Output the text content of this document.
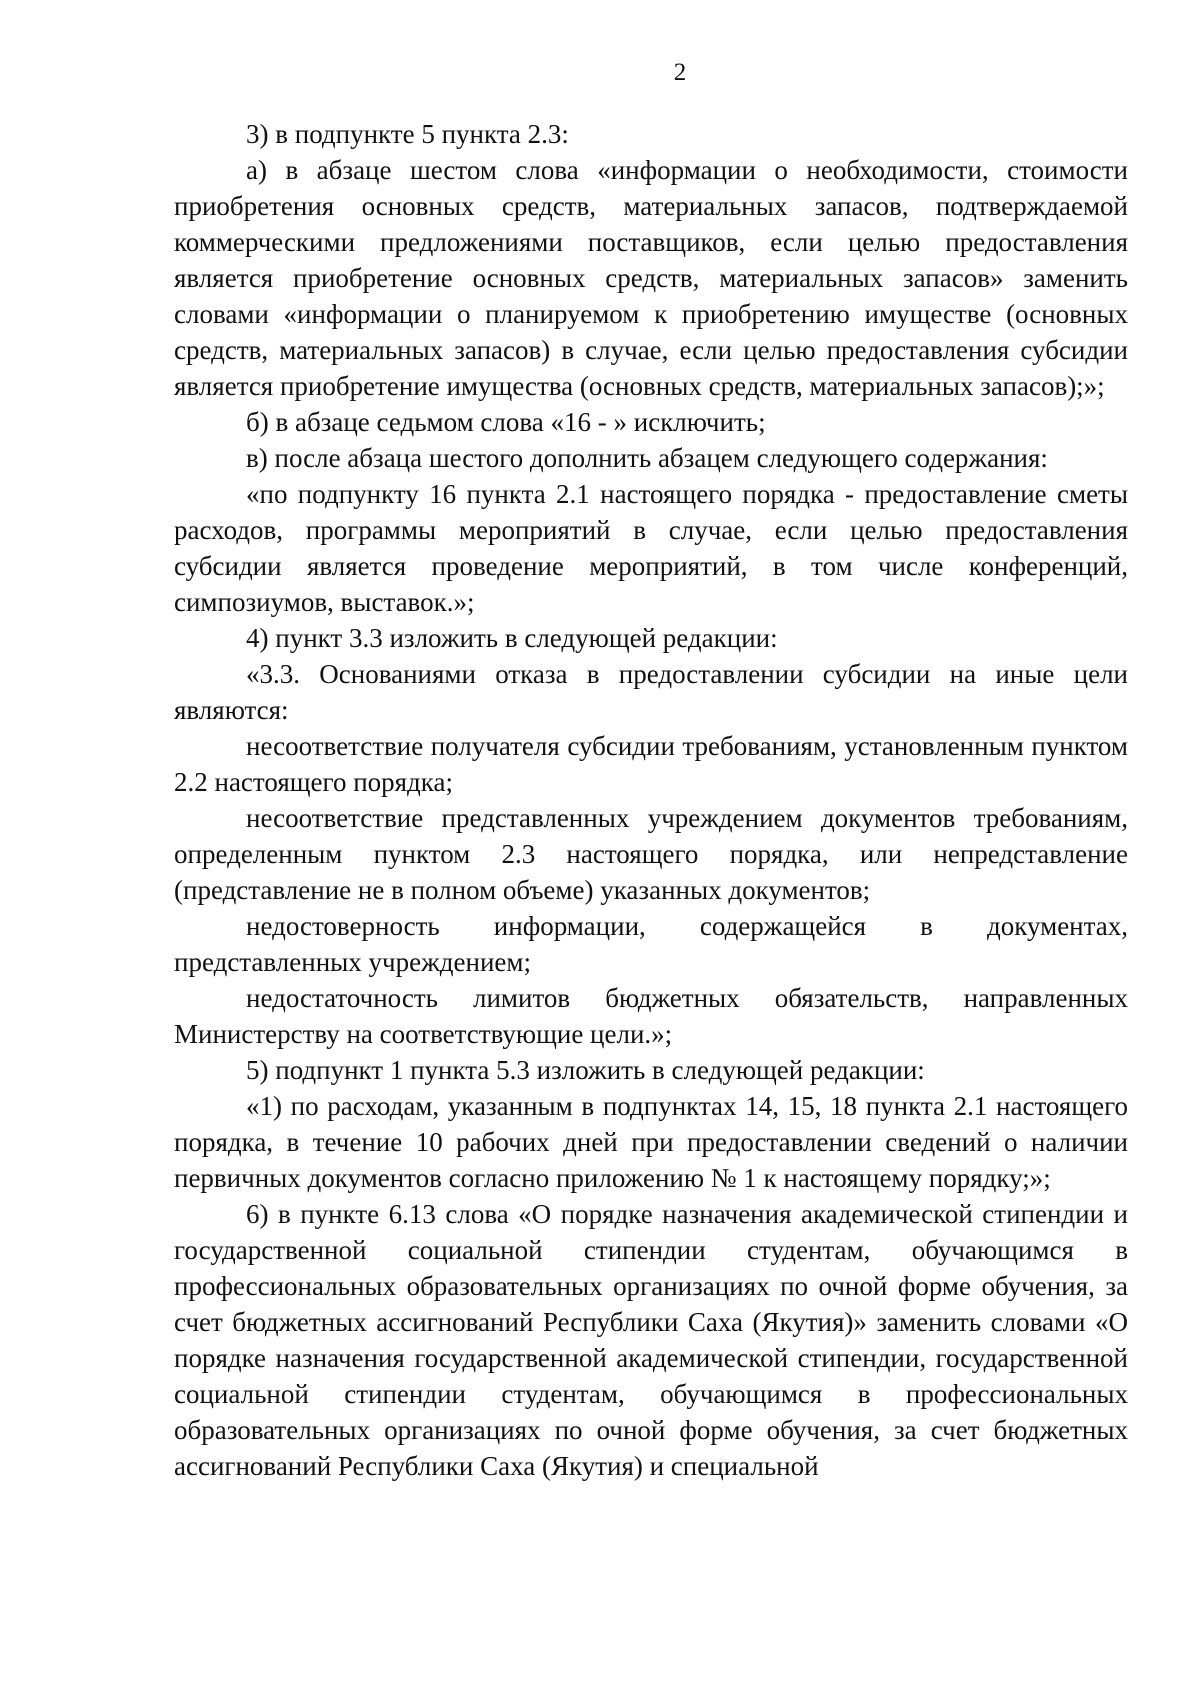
2

3) в подпункте 5 пункта 2.3:

а) в абзаце шестом слова «информации о необходимости, стоимости приобретения основных средств, материальных запасов, подтверждаемой коммерческими предложениями поставщиков, если целью предоставления является приобретение основных средств, материальных запасов» заменить словами «информации о планируемом к приобретению имуществе (основных средств, материальных запасов) в случае, если целью предоставления субсидии является приобретение имущества (основных средств, материальных запасов);»;

б) в абзаце седьмом слова «16 - » исключить;

в) после абзаца шестого дополнить абзацем следующего содержания:

«по подпункту 16 пункта 2.1 настоящего порядка - предоставление сметы расходов, программы мероприятий в случае, если целью предоставления субсидии является проведение мероприятий, в том числе конференций, симпозиумов, выставок.»;

4) пункт 3.3 изложить в следующей редакции:

«3.3. Основаниями отказа в предоставлении субсидии на иные цели являются:

несоответствие получателя субсидии требованиям, установленным пунктом 2.2 настоящего порядка;

несоответствие представленных учреждением документов требованиям, определенным пунктом 2.3 настоящего порядка, или непредставление (представление не в полном объеме) указанных документов;

недостоверность информации, содержащейся в документах, представленных учреждением;

недостаточность лимитов бюджетных обязательств, направленных Министерству на соответствующие цели.»;

5) подпункт 1 пункта 5.3 изложить в следующей редакции:

«1) по расходам, указанным в подпунктах 14, 15, 18 пункта 2.1 настоящего порядка, в течение 10 рабочих дней при предоставлении сведений о наличии первичных документов согласно приложению № 1 к настоящему порядку;»;

6) в пункте 6.13 слова «О порядке назначения академической стипендии и государственной социальной стипендии студентам, обучающимся в профессиональных образовательных организациях по очной форме обучения, за счет бюджетных ассигнований Республики Саха (Якутия)» заменить словами «О порядке назначения государственной академической стипендии, государственной социальной стипендии студентам, обучающимся в профессиональных образовательных организациях по очной форме обучения, за счет бюджетных ассигнований Республики Саха (Якутия) и специальной
